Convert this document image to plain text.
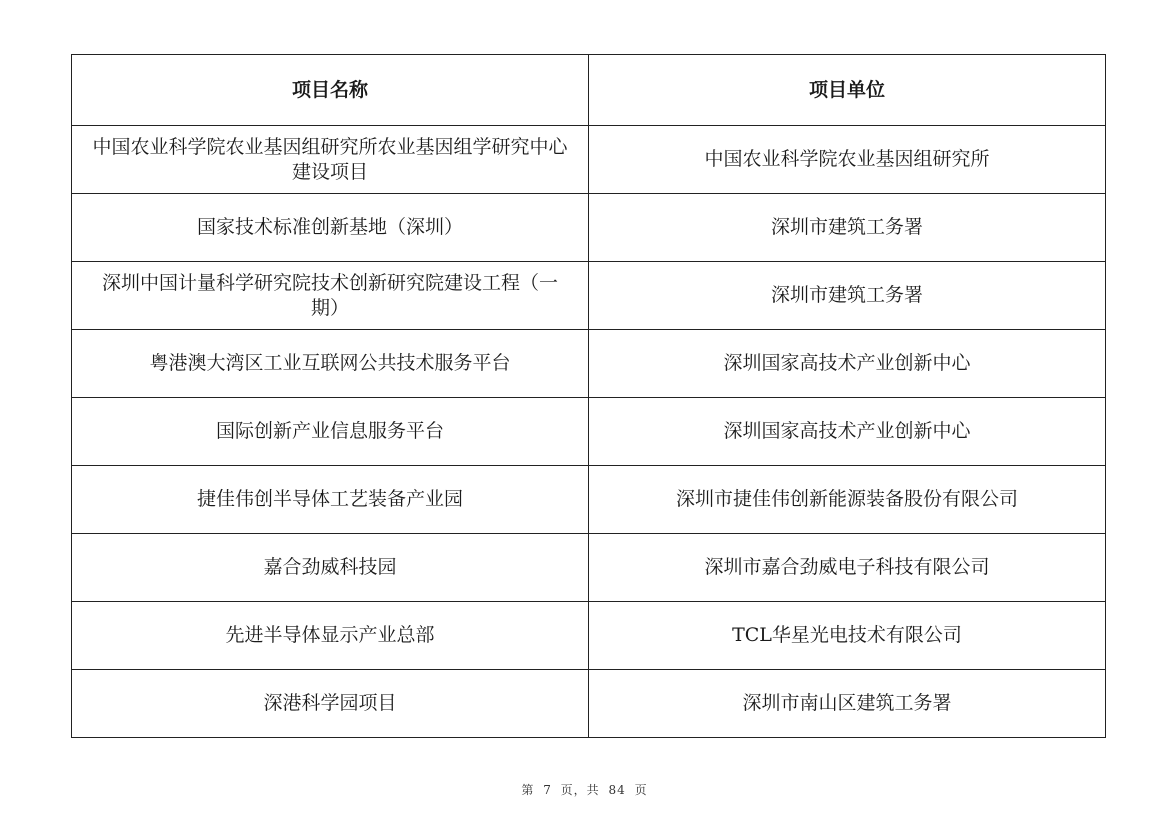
项目名称	项目单位
中国农业科学院农业基因组研究所农业基因组学研究中心建设项目	中国农业科学院农业基因组研究所
国家技术标准创新基地（深圳）	深圳市建筑工务署
深圳中国计量科学研究院技术创新研究院建设工程（一期）	深圳市建筑工务署
粤港澳大湾区工业互联网公共技术服务平台	深圳国家高技术产业创新中心
国际创新产业信息服务平台	深圳国家高技术产业创新中心
捷佳伟创半导体工艺装备产业园	深圳市捷佳伟创新能源装备股份有限公司
嘉合劲威科技园	深圳市嘉合劲威电子科技有限公司
先进半导体显示产业总部	TCL华星光电技术有限公司
深港科学园项目	深圳市南山区建筑工务署
第 7 页，共 84 页
